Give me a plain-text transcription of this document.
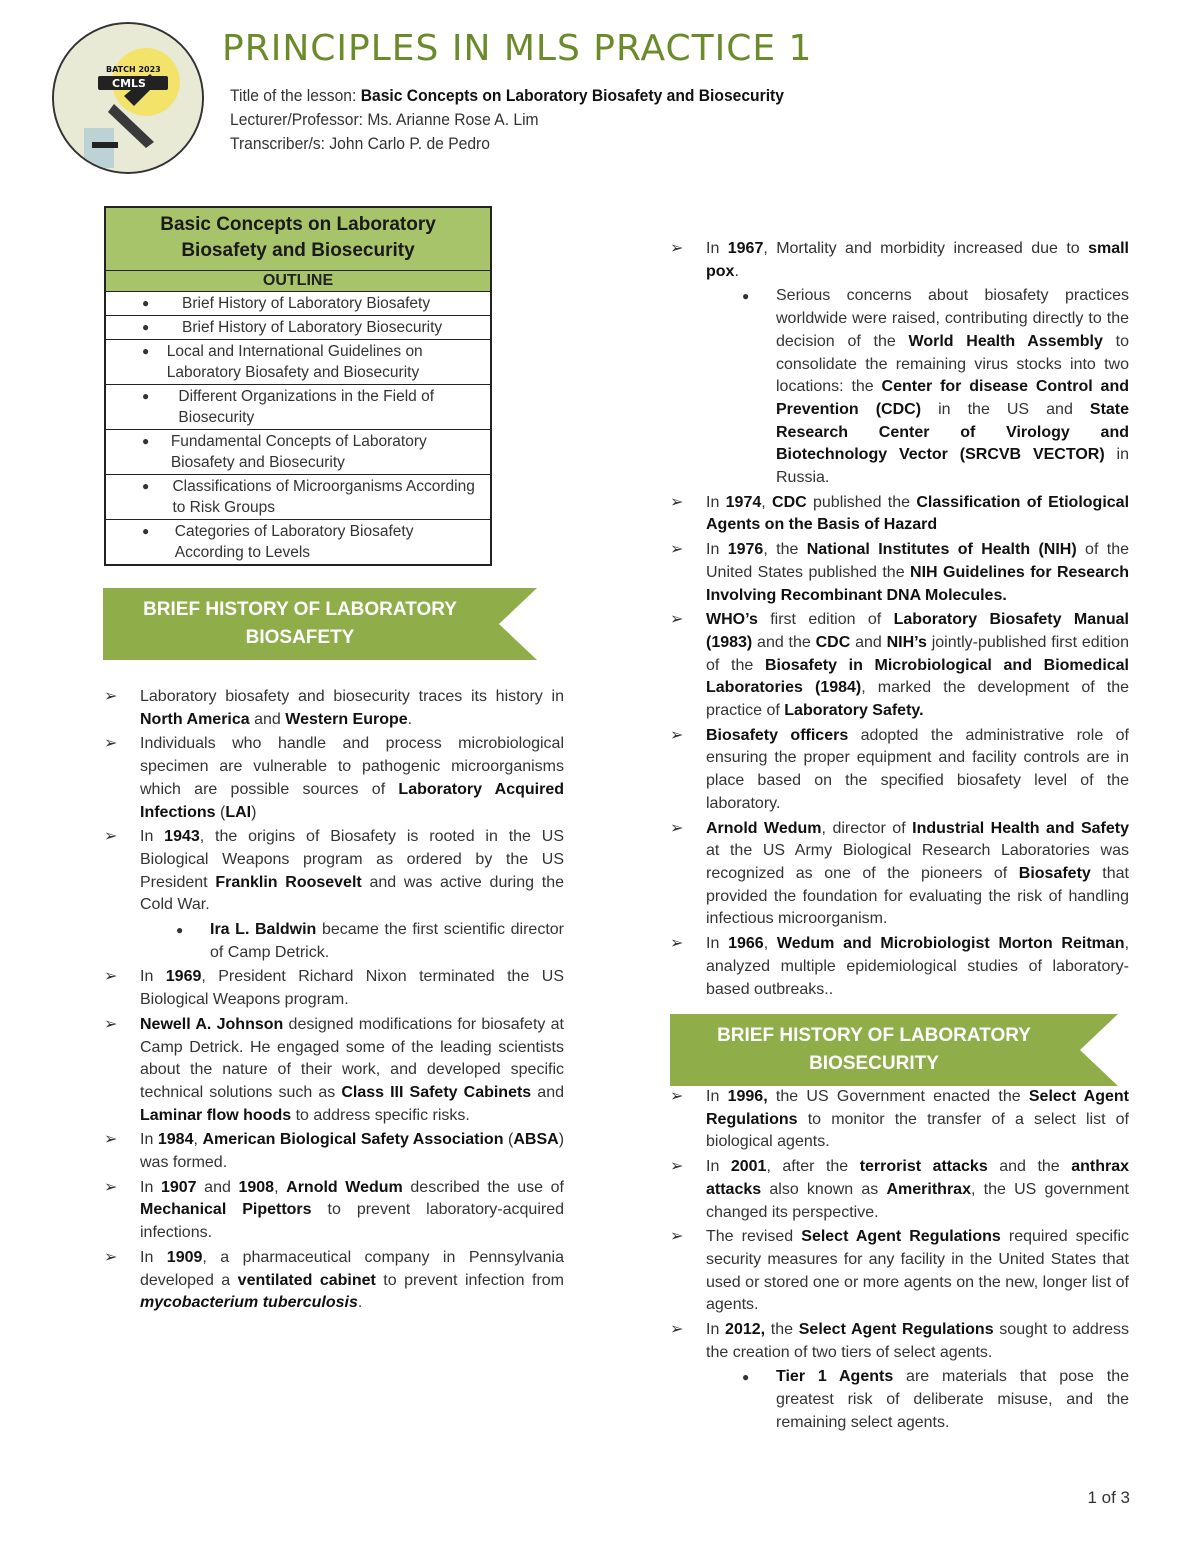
BATCH 2023
CMLS
PRINCIPLES IN MLS PRACTICE 1
Title of the lesson: Basic Concepts on Laboratory Biosafety and Biosecurity
Lecturer/Professor: Ms. Arianne Rose A. Lim
Transcriber/s: John Carlo P. de Pedro
Basic Concepts on Laboratory
Biosafety and Biosecurity

OUTLINE

●	Brief History of Laboratory Biosafety

●	Brief History of Laboratory Biosecurity

●	Local and International Guidelines on Laboratory Biosafety and Biosecurity

●	Different Organizations in the Field of Biosecurity

●	Fundamental Concepts of Laboratory Biosafety and Biosecurity

●	Classifications of Microorganisms According to Risk Groups

●	Categories of Laboratory Biosafety According to Levels
BRIEF HISTORY OF LABORATORY
BIOSAFETY
BRIEF HISTORY OF LABORATORY
BIOSECURITY
➢	Laboratory biosafety and biosecurity traces its history in North America and Western Europe.
➢	Individuals who handle and process microbiological specimen are vulnerable to pathogenic microorganisms which are possible sources of Laboratory Acquired Infections (LAI)
➢	In 1943, the origins of Biosafety is rooted in the US Biological Weapons program as ordered by the US President Franklin Roosevelt and was active during the Cold War.
● Ira L. Baldwin became the first scientific director of Camp Detrick.
➢	In 1969, President Richard Nixon terminated the US Biological Weapons program.
➢	Newell A. Johnson designed modifications for biosafety at Camp Detrick. He engaged some of the leading scientists about the nature of their work, and developed specific technical solutions such as Class III Safety Cabinets and Laminar flow hoods to address specific risks.
➢	In 1984, American Biological Safety Association (ABSA) was formed.
➢	In 1907 and 1908, Arnold Wedum described the use of Mechanical Pipettors to prevent laboratory-acquired infections.
➢	In 1909, a pharmaceutical company in Pennsylvania developed a ventilated cabinet to prevent infection from mycobacterium tuberculosis.
➢	In 1967, Mortality and morbidity increased due to small pox.
● Serious concerns about biosafety practices worldwide were raised, contributing directly to the decision of the World Health Assembly to consolidate the remaining virus stocks into two locations: the Center for disease Control and Prevention (CDC) in the US and State Research Center of Virology and Biotechnology Vector (SRCVB VECTOR) in Russia.
➢	In 1974, CDC published the Classification of Etiological Agents on the Basis of Hazard
➢	In 1976, the National Institutes of Health (NIH) of the United States published the NIH Guidelines for Research Involving Recombinant DNA Molecules.
➢	WHO’s first edition of Laboratory Biosafety Manual (1983) and the CDC and NIH’s jointly-published first edition of the Biosafety in Microbiological and Biomedical Laboratories (1984), marked the development of the practice of Laboratory Safety.
➢	Biosafety officers adopted the administrative role of ensuring the proper equipment and facility controls are in place based on the specified biosafety level of the laboratory.
➢	Arnold Wedum, director of Industrial Health and Safety at the US Army Biological Research Laboratories was recognized as one of the pioneers of Biosafety that provided the foundation for evaluating the risk of handling infectious microorganism.
➢	In 1966, Wedum and Microbiologist Morton Reitman, analyzed multiple epidemiological studies of laboratory-based outbreaks..
➢	In 1996, the US Government enacted the Select Agent Regulations to monitor the transfer of a select list of biological agents.
➢	In 2001, after the terrorist attacks and the anthrax attacks also known as Amerithrax, the US government changed its perspective.
➢	The revised Select Agent Regulations required specific security measures for any facility in the United States that used or stored one or more agents on the new, longer list of agents.
➢	In 2012, the Select Agent Regulations sought to address the creation of two tiers of select agents.
● Tier 1 Agents are materials that pose the greatest risk of deliberate misuse, and the remaining select agents.
1 of 3
